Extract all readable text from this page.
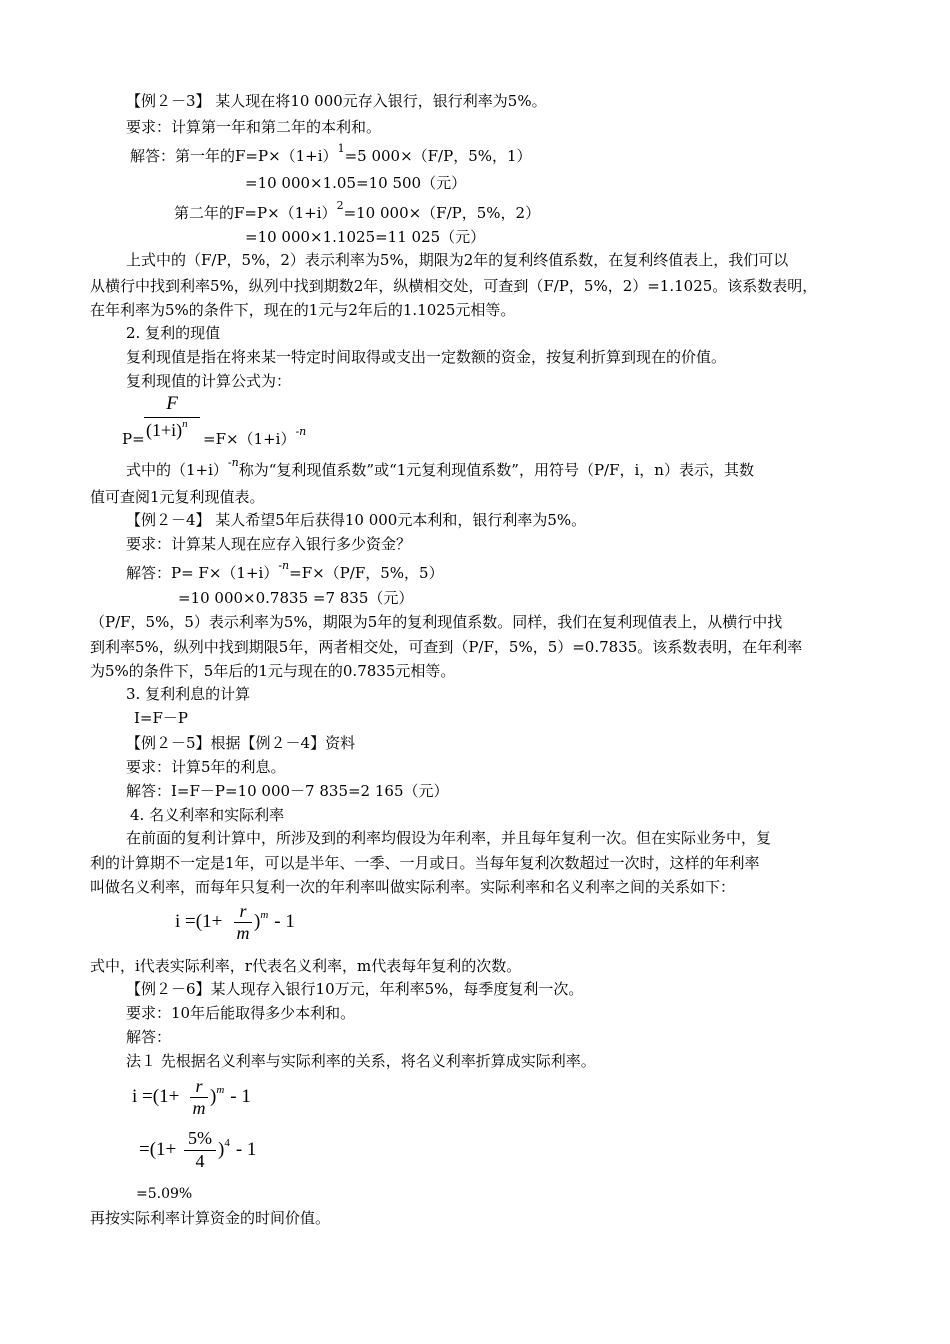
【例２－3】 某人现在将10 000元存入银行，银行利率为5%。
要求：计算第一年和第二年的本利和。
解答：第一年的$F=P\times(1+i)^1=5$ 000×（F/P，5%，1）
=10 000×1.05=10 500（元）
第二年的$F=P\times(1+i)^2=10$ 000×（F/P，5%，2）
=10 000×1.1025=11 025（元）
上式中的（F/P，5%，2）表示利率为5%，期限为2年的复利终值系数，在复利终值表上，我们可以
从横行中找到利率5%，纵列中找到期数2年，纵横相交处，可查到（F/P，5%，2）=1.1025。该系数表明，
在年利率为5%的条件下，现在的1元与2年后的1.1025元相等。
2. 复利的现值
复利现值是指在将来某一特定时间取得或支出一定数额的资金，按复利折算到现在的价值。
复利现值的计算公式为：
P=
F
$(1+i)^n$
$=F\times(1+i)^{-n}$
式中的$(1+i)^{-n}$称为“复利现值系数”或“1元复利现值系数”，用符号（P/F，i，n）表示，其数
值可查阅1元复利现值表。
【例２－4】 某人希望5年后获得10 000元本利和，银行利率为5%。
要求：计算某人现在应存入银行多少资金？
解答：$P= F\times(1+i)^{-n}=F\times(P/F$，5%，5）
=10 000×0.7835 =7 835（元）
（P/F，5%，5）表示利率为5%，期限为5年的复利现值系数。同样，我们在复利现值表上，从横行中找
到利率5%，纵列中找到期限5年，两者相交处，可查到（P/F，5%，5）=0.7835。该系数表明，在年利率
为5%的条件下，5年后的1元与现在的0.7835元相等。
3. 复利利息的计算
I=F－P
【例２－5】根据【例２－4】资料
要求：计算5年的利息。
解答：I=F－P=10 000－7 835=2 165（元）
4. 名义利率和实际利率
在前面的复利计算中，所涉及到的利率均假设为年利率，并且每年复利一次。但在实际业务中，复
利的计算期不一定是1年，可以是半年、一季、一月或日。当每年复利次数超过一次时，这样的年利率
叫做名义利率，而每年只复利一次的年利率叫做实际利率。实际利率和名义利率之间的关系如下：
i =(1+ r
m
)$^m$ - 1
式中，i代表实际利率，r代表名义利率，m代表每年复利的次数。
【例２－6】某人现存入银行10万元，年利率5%，每季度复利一次。
要求：10年后能取得多少本利和。
解答：
法１ 先根据名义利率与实际利率的关系，将名义利率折算成实际利率。
i =(1+ r
m
)$^m$ - 1
=(1+
5%
4
)$^4$ - 1
=5.09%
再按实际利率计算资金的时间价值。
